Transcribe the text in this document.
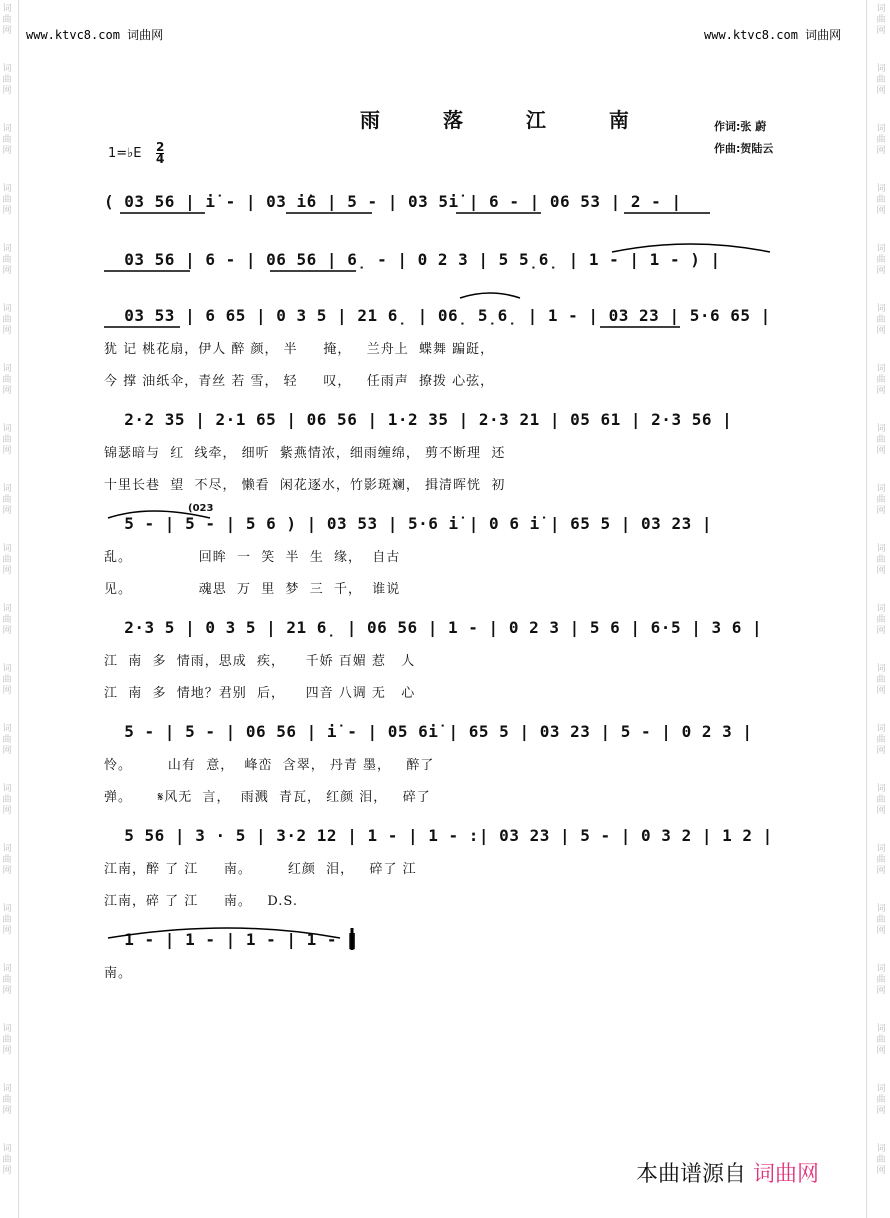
词曲网
词曲网
词曲网
词曲网
词曲网
词曲网
词曲网
词曲网
词曲网
词曲网
词曲网
词曲网
词曲网
词曲网
词曲网
词曲网
词曲网
词曲网
词曲网
词曲网
词曲网
词曲网
词曲网
词曲网
词曲网
词曲网
词曲网
词曲网
词曲网
词曲网
词曲网
词曲网
词曲网
词曲网
词曲网
词曲网
词曲网
词曲网
词曲网
词曲网
www.ktvc8.com 词曲网	www.ktvc8.com 词曲网
雨 落 江 南	作词:张 蔚
作曲:贺陆云
1=♭E $\frac{2}{4}$
( 03 56 | i̇ - | 03 i̇6 | 5 - | 03 5i̇ | 6 - | 06 53 | 2 - |
03 56 | 6 - | 06 56 | 6̣ - | 0 2 3 | 5 5̣6̣ | 1 - | 1 - ) |
03 53 | 6 65 | 0 3 5 | 21 6̣ | 06̣ 5̣6̣ | 1 - | 03 23 | 5·6 65 |
犹 记 桃花扇，伊人 醉 颜， 半     掩，   兰舟上  蝶舞 蹁跹，
今 撑 油纸伞，青丝 若 雪， 轻     叹，   任雨声  撩拨 心弦，
2·2 35 | 2·1 65 | 06 56 | 1·2 35 | 2·3 21 | 05 61 | 2·3 56 |
锦瑟暗与  红  线牵， 细听  紫燕情浓，细雨缠绵， 剪不断理  还
十里长巷  望  不尽， 懒看  闲花逐水，竹影斑斓， 揖清晖恍  初
(023
5 - | 5 - | 5 6 ) | 03 53 | 5·6 i̇ | 0 6 i̇ | 65 5 | 03 23 |
乱。             回眸  一  笑  半  生  缘，  自古
见。             魂思  万  里  梦  三  千，  谁说
2·3 5 | 0 3 5 | 21 6̣ | 06 56 | 1 - | 0 2 3 | 5 6 | 6·5 | 3 6 |
江  南  多  情雨，思成  疾，    千娇 百媚 惹   人
江  南  多  情地？君别  后，    四音 八调 无   心
5 - | 5 - | 06 56 | i̇ - | 05 6i̇ | 65 5 | 03 23 | 5 - | 0 2 3 |
怜。       山有  意，  峰峦  含翠， 丹青 墨，   醉了
弹。     𝄋风无  言，  雨溅  青瓦， 红颜 泪，   碎了
5 56 | 3 · 5 | 3·2 12 | 1 - | 1 - :| 03 23 | 5 - | 0 3 2 | 1 2 |
江南，醉 了 江     南。       红颜  泪，   碎了 江
江南，碎 了 江     南。   D.S.
1 - | 1 - | 1 - | 1 - ‖
南。
本曲谱源自 词曲网
